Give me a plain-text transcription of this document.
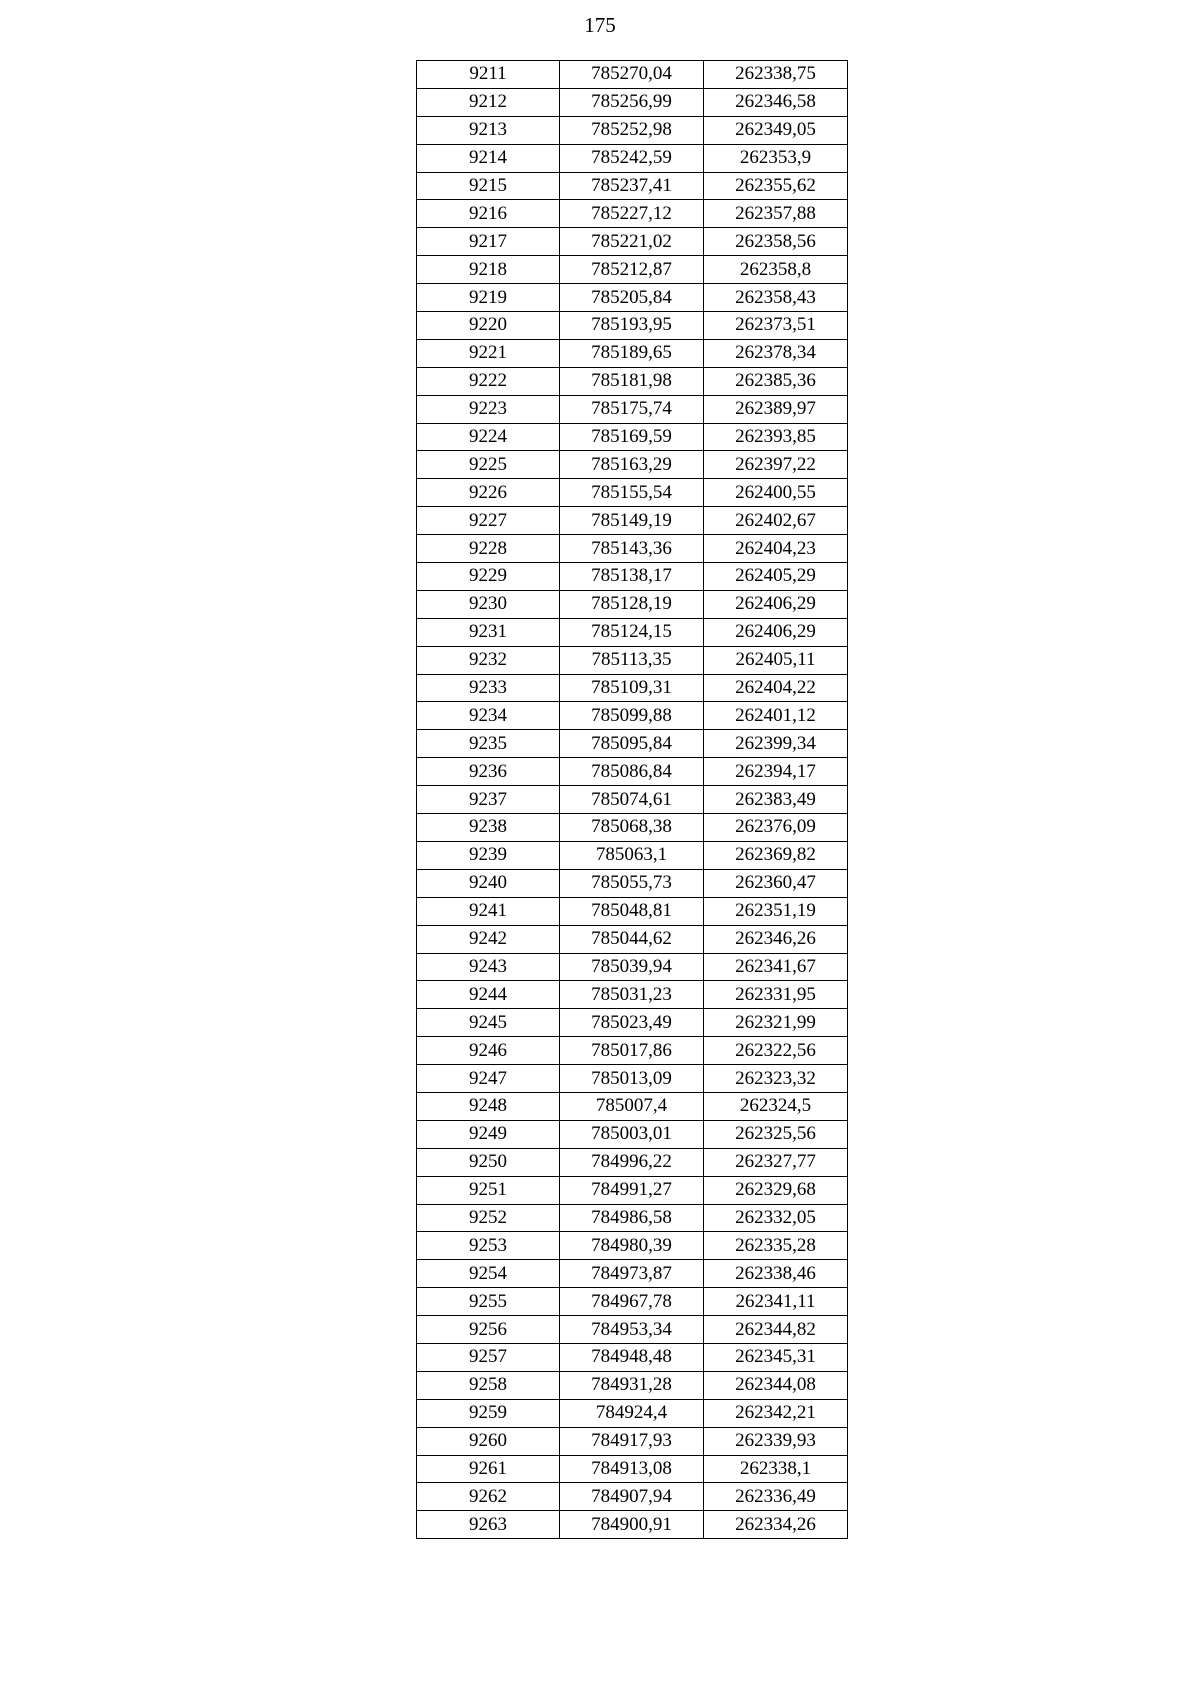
175
9211	785270,04	262338,75
9212	785256,99	262346,58
9213	785252,98	262349,05
9214	785242,59	262353,9
9215	785237,41	262355,62
9216	785227,12	262357,88
9217	785221,02	262358,56
9218	785212,87	262358,8
9219	785205,84	262358,43
9220	785193,95	262373,51
9221	785189,65	262378,34
9222	785181,98	262385,36
9223	785175,74	262389,97
9224	785169,59	262393,85
9225	785163,29	262397,22
9226	785155,54	262400,55
9227	785149,19	262402,67
9228	785143,36	262404,23
9229	785138,17	262405,29
9230	785128,19	262406,29
9231	785124,15	262406,29
9232	785113,35	262405,11
9233	785109,31	262404,22
9234	785099,88	262401,12
9235	785095,84	262399,34
9236	785086,84	262394,17
9237	785074,61	262383,49
9238	785068,38	262376,09
9239	785063,1	262369,82
9240	785055,73	262360,47
9241	785048,81	262351,19
9242	785044,62	262346,26
9243	785039,94	262341,67
9244	785031,23	262331,95
9245	785023,49	262321,99
9246	785017,86	262322,56
9247	785013,09	262323,32
9248	785007,4	262324,5
9249	785003,01	262325,56
9250	784996,22	262327,77
9251	784991,27	262329,68
9252	784986,58	262332,05
9253	784980,39	262335,28
9254	784973,87	262338,46
9255	784967,78	262341,11
9256	784953,34	262344,82
9257	784948,48	262345,31
9258	784931,28	262344,08
9259	784924,4	262342,21
9260	784917,93	262339,93
9261	784913,08	262338,1
9262	784907,94	262336,49
9263	784900,91	262334,26
